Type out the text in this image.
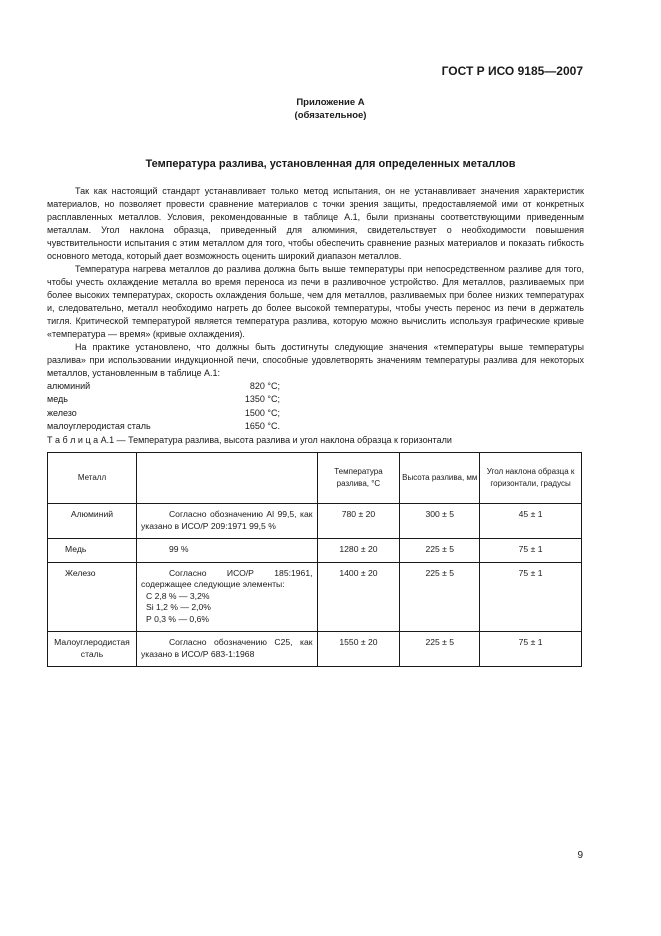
ГОСТ Р ИСО 9185—2007
Приложение А
(обязательное)
Температура разлива, установленная для определенных металлов

Так как настоящий стандарт устанавливает только метод испытания, он не устанавливает значения характеристик материалов, но позволяет провести сравнение материалов с точки зрения защиты, предоставляемой ими от конкретных расплавленных металлов. Условия, рекомендованные в таблице А.1, были признаны соответствующими приведенным металлам. Угол наклона образца, приведенный для алюминия, свидетельствует о необходимости повышения чувствительности испытания с этим металлом для того, чтобы обеспечить сравнение разных материалов и показать гибкость основного метода, который дает возможность оценить широкий диапазон металлов.

Температура нагрева металлов до разлива должна быть выше температуры при непосредственном разливе для того, чтобы учесть охлаждение металла во время переноса из печи в разливочное устройство. Для металлов, разливаемых при более высоких температурах, скорость охлаждения больше, чем для металлов, разливаемых при более низких температурах и, следовательно, металл необходимо нагреть до более высокой температуры, чтобы учесть перенос из печи в держатель тигля. Критической температурой является температура разлива, которую можно вычислить используя графические кривые «температура — время» (кривые охлаждения).

На практике установлено, что должны быть достигнуты следующие значения «температуры выше температуры разлива» при использовании индукционной печи, способные удовлетворять значениям температуры разлива для некоторых металлов, установленным в таблице А.1:

алюминий	820 °С;
медь	1350 °С;
железо	1500 °С;
малоуглеродистая сталь	1650 °С.
Т а б л и ц а А.1 — Температура разлива, высота разлива и угол наклона образца к горизонтали
Металл		Температура разлива, °С	Высота разлива, мм	Угол наклона образца к горизонтали, градусы
Алюминий	Согласно обозначению Al 99,5, как указано в ИСО/Р 209:1971 99,5 %	780 ± 20	300 ± 5	45 ± 1
Медь	99 %	1280 ± 20	225 ± 5	75 ± 1
Железо	Согласно ИСО/Р 185:1961, содержащее следующие элементы:
С 2,8 % — 3,2%
Si 1,2 % — 2,0%
Р 0,3 % — 0,6%	1400 ± 20	225 ± 5	75 ± 1
Малоуглеродистая сталь	Согласно обозначению С25, как указано в ИСО/Р 683-1:1968	1550 ± 20	225 ± 5	75 ± 1
9
